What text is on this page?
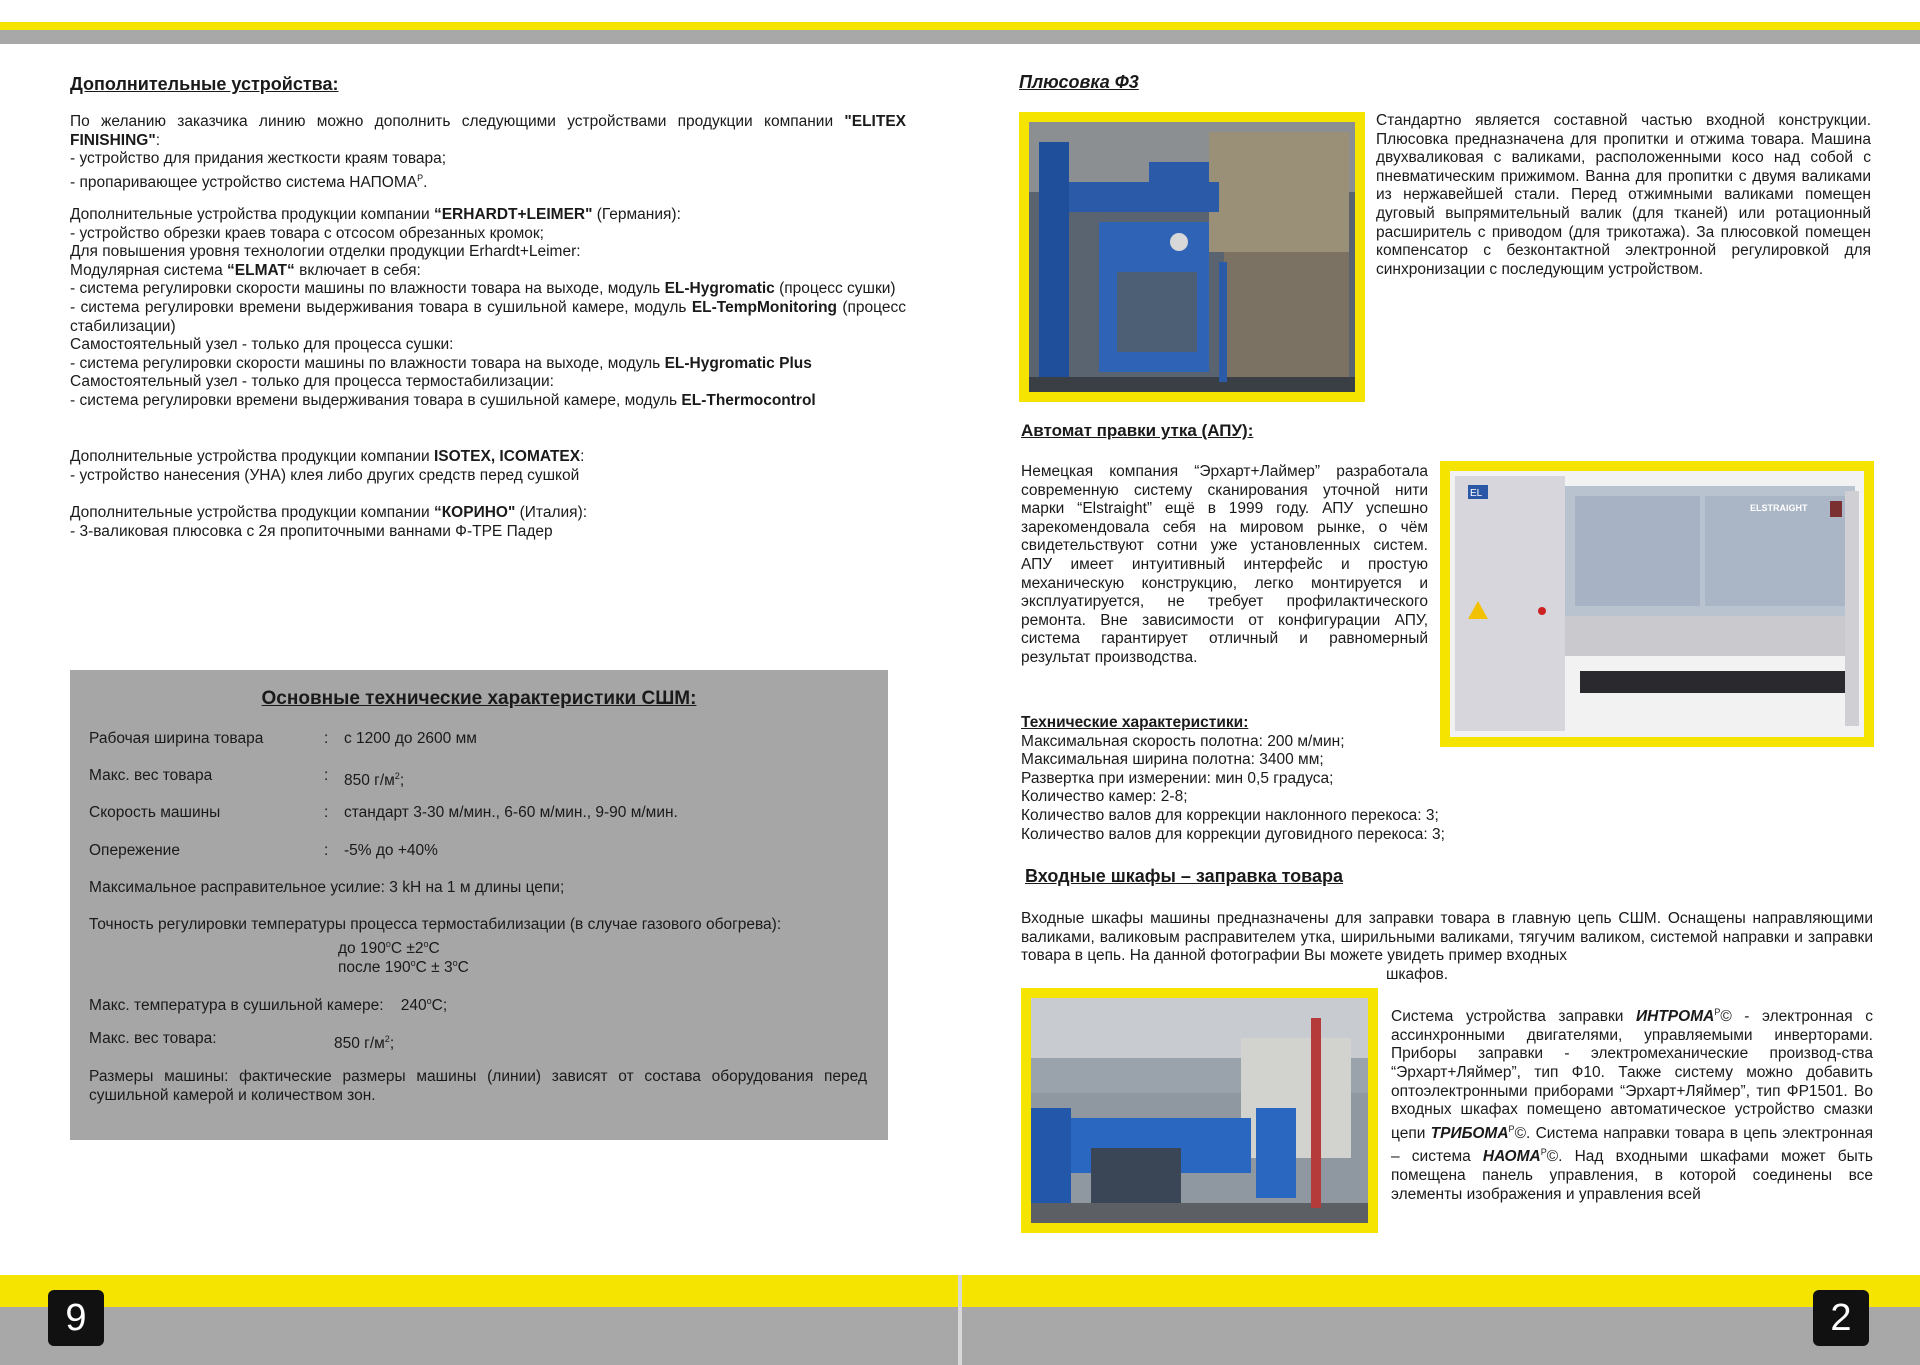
9	2
Дополнительные устройства:

По желанию заказчика линию можно дополнить следующими устройствами продукции компании "ELITEX FINISHING":

- устройство для придания жесткости краям товара;

- пропаривающее устройство система $НАПОМА^Р$.

Дополнительные устройства продукции компании “ERHARDT+LEIMER" (Германия):

- устройство обрезки краев товара с отсосом обрезанных кромок;

Для повышения уровня технологии отделки продукции Erhardt+Leimer:

Модулярная система “ELMAT“ включает в себя:

- система регулировки скорости машины по влажности товара на выходе, модуль EL-Hygromatic (процесс сушки)

- система регулировки времени выдерживания товара в сушильной камере, модуль EL-TempMonitoring (процесс стабилизации)

Самостоятельный узел - только для процесса сушки:

- система регулировки скорости машины по влажности товара на выходе, модуль EL-Hygromatic Plus

Самостоятельный узел - только для процесса термостабилизации:

- система регулировки времени выдерживания товара в сушильной камере, модуль EL-Thermocontrol

Дополнительные устройства продукции компании ISOTEX, ICOMATEX:

- устройство нанесения (УНА) клея либо других средств перед сушкой

Дополнительные устройства продукции компании “КОРИНО" (Италия):

- 3-валиковая плюсовка с 2я пропиточными ваннами Ф-TPE Падер

Основные технические характеристики СШМ:
Рабочая ширина товара	: с 1200 до 2600 мм
Макс. вес товара	: 850 $г/м^2$;
Скорость машины	: стандарт 3-30 м/мин., 6-60 м/мин., 9-90 м/мин.
Опережение	: -5% до +40%
Максимальное расправительное усилие: 3 kH на 1 м длины цепи;
Точность регулировки температуры процесса термостабилизации (в случае газового обогрева):
до $190^оС \pm 2^оС$
после $190^оС \pm 3^оС$
Макс. температура в сушильной камере: $240^оС$;
Макс. вес товара:	850 $г/м^2$;
Размеры машины: фактические размеры машины (линии) зависят от состава оборудования перед сушильной камерой и количеством зон.
Плюсовка Ф3
Стандартно является составной частью входной конструкции. Плюсовка предназначена для пропитки и отжима товара. Машина двухваликовая с валиками, расположенными косо над собой с пневматическим прижимом. Ванна для пропитки с двумя валиками из нержавейшей стали. Перед отжимными валиками помещен дуговый выпрямительный валик (для тканей) или ротационный расширитель с приводом (для трикотажа). За плюсовкой помещен компенсатор с безконтактной электронной регулировкой для синхронизации с последующим устройством.
Автомат правки утка (АПУ):
Немецкая компания “Эрхарт+Лаймер” разработала современную систему сканирования уточной нити марки “Elstraight” ещё в 1999 году. АПУ успешно зарекомендовала себя на мировом рынке, о чём свидетельствуют сотни уже установленных систем. АПУ имеет интуитивный интерфейс и простую механическую конструкцию, легко монтируется и эксплуатируется, не требует профилактического ремонта. Вне зависимости от конфигурации АПУ, система гарантирует отличный и равномерный результат производства.
EL
ELSTRAIGHT

Технические характеристики:

Максимальная скорость полотна: 200 м/мин;

Максимальная ширина полотна: 3400 мм;

Развертка при измерении: мин 0,5 градуса;

Количество камер: 2-8;

Количество валов для коррекции наклонного перекоса: 3;

Количество валов для коррекции дуговидного перекоса: 3;

Входные шкафы – заправка товара
Входные шкафы машины предназначены для заправки товара в главную цепь СШМ. Оснащены направляющими валиками, валиковым расправителем утка, ширильными валиками, тягучим валиком, системой направки и заправки товара в цепь. На данной фотографии Вы можете увидеть пример входных
шкафов.
Система устройства заправки $ИНТРОМА^Р©$ - электронная с ассинхронными двигателями, управляемыми инверторами. Приборы заправки - электромеханические производ-ства “Эрхарт+Ляймер”, тип Ф10. Также систему можно добавить оптоэлектронными приборами “Эрхарт+Ляймер”, тип ФР1501. Во входных шкафах помещено автоматическое устройство смазки цепи $ТРИБОМА^Р©$. Система направки товара в цепь электронная – система $НАОМА^Р©$. Над входными шкафами может быть помещена панель управления, в которой соединены все элементы изображения и управления всей
